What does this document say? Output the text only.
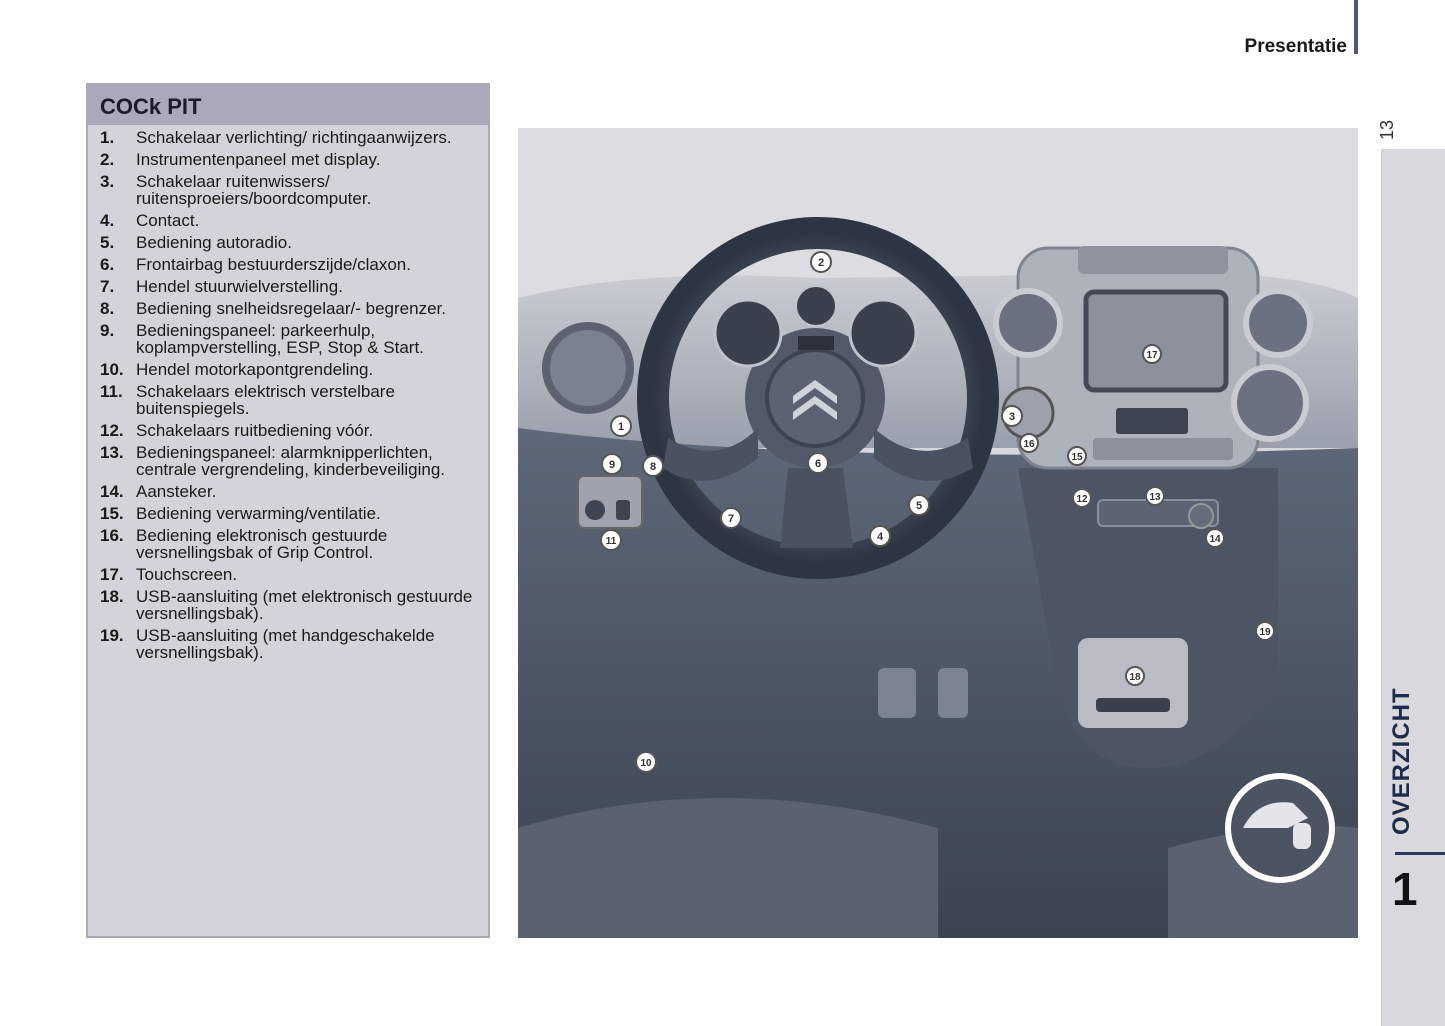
Presentatie
13
COCk PIT
1.	Schakelaar verlichting/ richtingaanwijzers.
2.	Instrumentenpaneel met display.
3.	Schakelaar ruitenwissers/ ruitensproeiers/boordcomputer.
4.	Contact.
5.	Bediening autoradio.
6.	Frontairbag bestuurderszijde/claxon.
7.	Hendel stuurwielverstelling.
8.	Bediening snelheidsregelaar/- begrenzer.
9.	Bedieningspaneel: parkeerhulp, koplampverstelling, ESP, Stop & Start.
10. Hendel motorkapontgrendeling.
11. Schakelaars elektrisch verstelbare buitenspiegels.
12. Schakelaars ruitbediening vóór.
13. Bedieningspaneel: alarmknipperlichten, centrale vergrendeling, kinderbeveiliging.
14. Aansteker.
15. Bediening verwarming/ventilatie.
16. Bediening elektronisch gestuurde versnellingsbak of Grip Control.
17. Touchscreen.
18. USB-aansluiting (met elektronisch gestuurde versnellingsbak).
19. USB-aansluiting (met handgeschakelde versnellingsbak).
1
2
3
4
5
6
7
8
9
10
11
12	13
14
15
16
17
18
19
OVERZICHT
1
